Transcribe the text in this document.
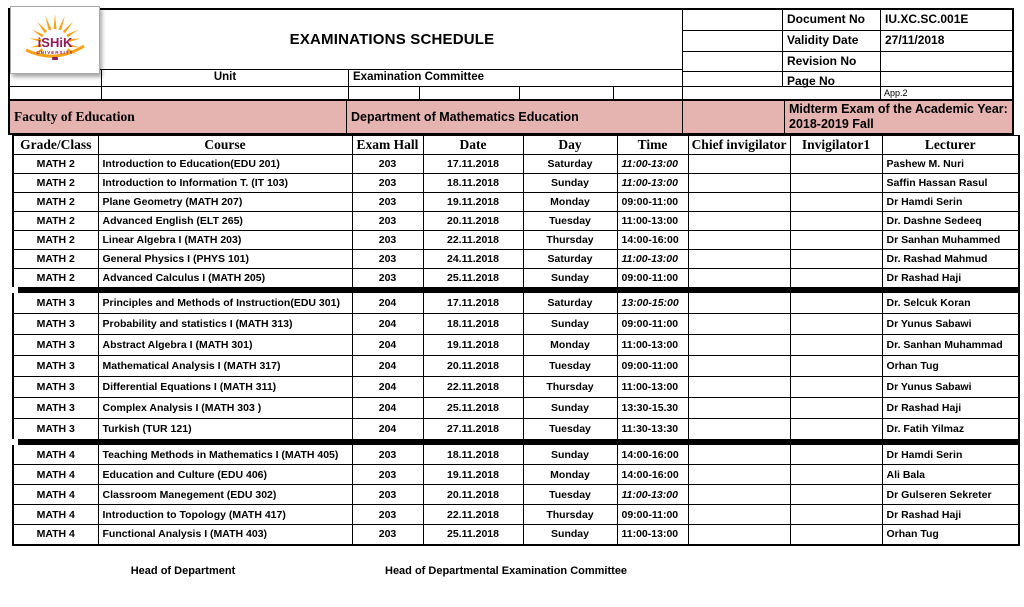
iSHiK
UNIVERSITY
EXAMINATIONS SCHEDULE
Unit	Examination Committee
Document No	IU.XC.SC.001E
Validity Date	27/11/2018
Revision No
Page No
App.2
Faculty of Education	Department of Mathematics Education
Midterm Exam of the Academic Year: 2018-2019 Fall
Grade/Class	Course	Exam Hall	Date	Day	Time	Chief invigilator	Invigilator1	Lecturer
MATH 2	Introduction to Education(EDU 201)	203	17.11.2018	Saturday	11:00-13:00			Pashew M. Nuri
MATH 2	Introduction to Information T. (IT 103)	203	18.11.2018	Sunday	11:00-13:00			Saffin Hassan Rasul
MATH 2	Plane Geometry (MATH 207)	203	19.11.2018	Monday	09:00-11:00			Dr Hamdi Serin
MATH 2	Advanced English (ELT 265)	203	20.11.2018	Tuesday	11:00-13:00			Dr. Dashne Sedeeq
MATH 2	Linear Algebra I (MATH 203)	203	22.11.2018	Thursday	14:00-16:00			Dr Sanhan Muhammed
MATH 2	General Physics I (PHYS 101)	203	24.11.2018	Saturday	11:00-13:00			Dr. Rashad Mahmud
MATH 2	Advanced Calculus I (MATH 205)	203	25.11.2018	Sunday	09:00-11:00			Dr Rashad Haji

MATH 3	Principles and Methods of Instruction(EDU 301)	204	17.11.2018	Saturday	13:00-15:00			Dr. Selcuk Koran
MATH 3	Probability and statistics I (MATH 313)	204	18.11.2018	Sunday	09:00-11:00			Dr Yunus Sabawi
MATH 3	Abstract Algebra I (MATH 301)	204	19.11.2018	Monday	11:00-13:00			Dr. Sanhan Muhammad
MATH 3	Mathematical Analysis I (MATH 317)	204	20.11.2018	Tuesday	09:00-11:00			Orhan Tug
MATH 3	Differential Equations I (MATH 311)	204	22.11.2018	Thursday	11:00-13:00			Dr Yunus Sabawi
MATH 3	Complex Analysis I (MATH 303 )	204	25.11.2018	Sunday	13:30-15.30			Dr Rashad Haji
MATH 3	Turkish (TUR 121)	204	27.11.2018	Tuesday	11:30-13:30			Dr. Fatih Yilmaz

MATH 4	Teaching Methods in Mathematics I (MATH 405)	203	18.11.2018	Sunday	14:00-16:00			Dr Hamdi Serin
MATH 4	Education and Culture (EDU 406)	203	19.11.2018	Monday	14:00-16:00			Ali Bala
MATH 4	Classroom Manegement (EDU 302)	203	20.11.2018	Tuesday	11:00-13:00			Dr Gulseren Sekreter
MATH 4	Introduction to Topology (MATH 417)	203	22.11.2018	Thursday	09:00-11:00			Dr Rashad Haji
MATH 4	Functional Analysis I (MATH 403)	203	25.11.2018	Sunday	11:00-13:00			Orhan Tug
Head of Department	Head of Departmental Examination Committee
